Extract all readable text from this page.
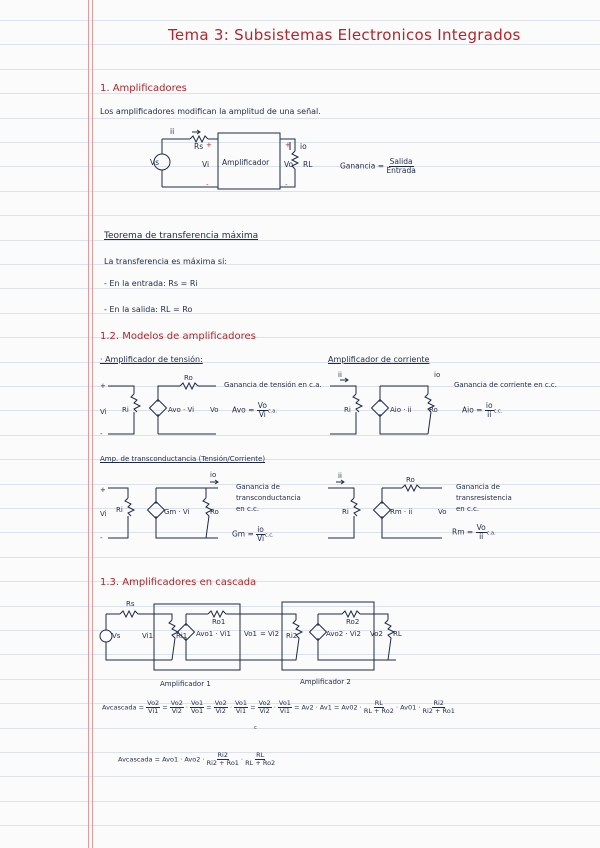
Tema 3: Subsistemas Electronicos Integrados
1. Amplificadores
Los amplificadores modifican la amplitud de una señal.
+
-
+
-
Vs
ii
Rs
Vi Amplificador Vo
io
RL	Ganancia = $\frac{\text{Salida}}{\text{Entrada}}$
Teorema de transferencia máxima
La transferencia es máxima si:
- En la entrada: Rs = Ri
- En la salida: RL = Ro
1.2. Modelos de amplificadores
· Amplificador de tensión:	Amplificador de corriente
+
-
Vi Ri	Avo · Vi
Ro
Vo
Ganancia de tensión en c.a.
Avo = $\frac{Vo}{Vi} c.a$.
ii
Ri	Aio · ii Ro
io
Ganancia de corriente en c.c.
Aio = $\frac{io}{ii} c.c$.
Amp. de transconductancia (Tensión/Corriente)
+
-
Vi Ri	Gm · Vi	Ro
io
Ganancia de
transconductancia
en c.c.
$Gm = \frac{io}{Vi} c.c$.
ii
Ri	Rm · ii
Ro
Vo
Ganancia de
transresistencia
en c.c.
$Rm = \frac{Vo}{ii} c.a$.
1.3. Amplificadores en cascada
Rs
Vs	Vi1	Ri1 Avo1 · Vi1
Ro1
Vo1 = Vi2 Ri2	Avo2 · Vi2
Ro2
Vo2 RL
Amplificador 1	Amplificador 2
Avcascada = $\frac{Vo2}{Vi1} = \frac{Vo2}{Vi2} \cdot \frac{Vo1}{Vo1} = \frac{Vo2}{Vi2} \cdot \frac{Vo1}{Vi1} = \frac{Vo2}{Vi2} \cdot \frac{Vo1}{Vi1} = Av2 \cdot Av1 = Av02 \cdot \frac{RL}{RL + Ro2} \cdot Av01 \cdot \frac{Ri2}{Ri2 + Ro1}$
c
Avcascada = $Avo1 \cdot Avo2 \cdot \frac{Ri2}{Ri2 + Ro1} \cdot \frac{RL}{RL + Ro2}$
